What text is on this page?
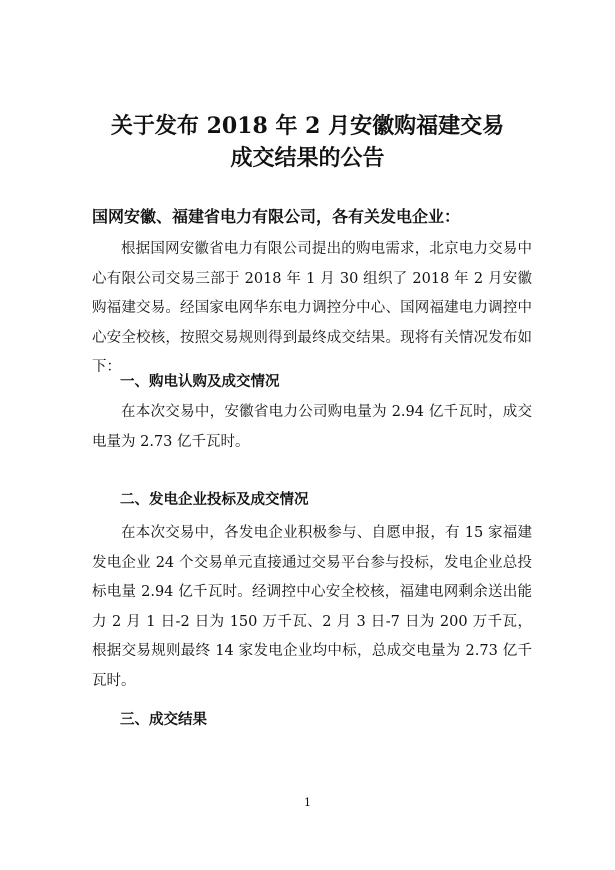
关于发布 2018 年 2 月安徽购福建交易
成交结果的公告

国网安徽、福建省电力有限公司，各有关发电企业：

根据国网安徽省电力有限公司提出的购电需求，北京电力交易中心有限公司交易三部于 2018 年 1 月 30 组织了 2018 年 2 月安徽购福建交易。经国家电网华东电力调控分中心、国网福建电力调控中心安全校核，按照交易规则得到最终成交结果。现将有关情况发布如下：

一、购电认购及成交情况

在本次交易中，安徽省电力公司购电量为 2.94 亿千瓦时，成交电量为 2.73 亿千瓦时。

二、发电企业投标及成交情况

在本次交易中，各发电企业积极参与、自愿申报，有 15 家福建发电企业 24 个交易单元直接通过交易平台参与投标，发电企业总投标电量 2.94 亿千瓦时。经调控中心安全校核，福建电网剩余送出能力 2 月 1 日-2 日为 150 万千瓦、2 月 3 日-7 日为 200 万千瓦，根据交易规则最终 14 家发电企业均中标，总成交电量为 2.73 亿千瓦时。

三、成交结果
1
